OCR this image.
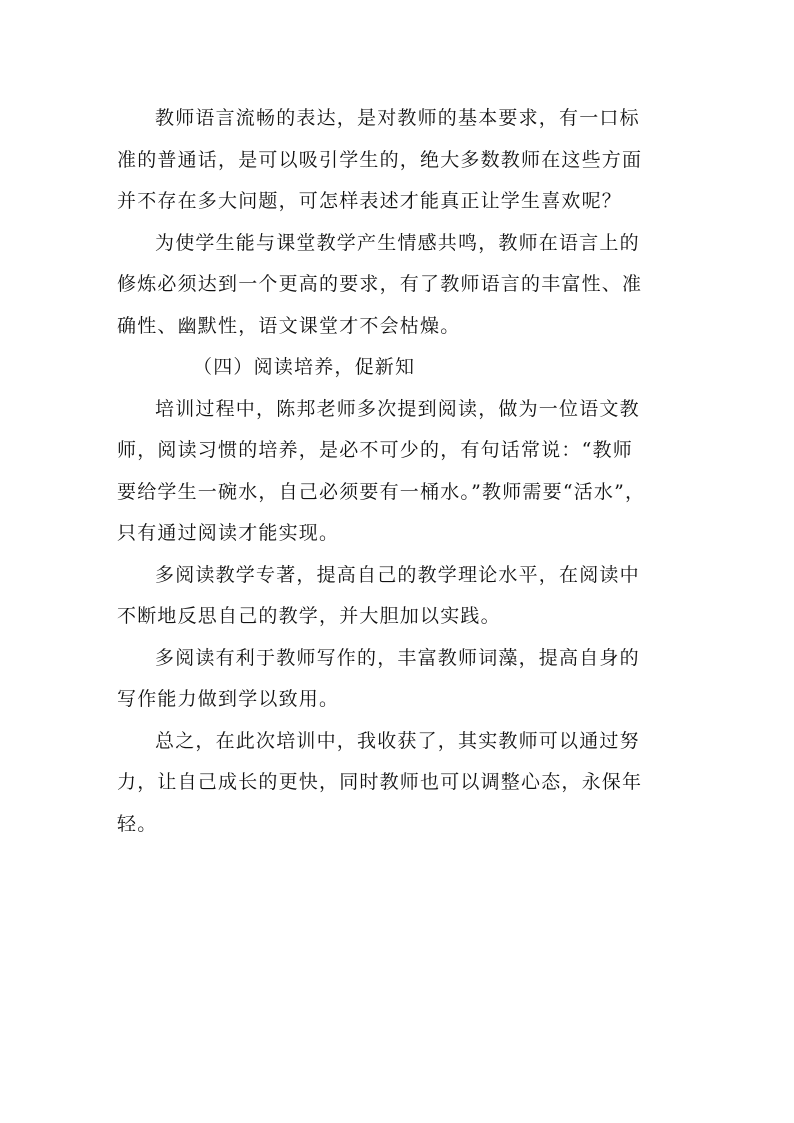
教师语言流畅的表达，是对教师的基本要求，有一口标
准的普通话，是可以吸引学生的，绝大多数教师在这些方面
并不存在多大问题，可怎样表述才能真正让学生喜欢呢？
为使学生能与课堂教学产生情感共鸣，教师在语言上的
修炼必须达到一个更高的要求，有了教师语言的丰富性、准
确性、幽默性，语文课堂才不会枯燥。
（四）阅读培养，促新知
培训过程中，陈邦老师多次提到阅读，做为一位语文教
师，阅读习惯的培养，是必不可少的，有句话常说：“教师
要给学生一碗水，自己必须要有一桶水。”教师需要“活水”，
只有通过阅读才能实现。
多阅读教学专著，提高自己的教学理论水平，在阅读中
不断地反思自己的教学，并大胆加以实践。
多阅读有利于教师写作的，丰富教师词藻，提高自身的
写作能力做到学以致用。
总之，在此次培训中，我收获了，其实教师可以通过努
力，让自己成长的更快，同时教师也可以调整心态，永保年
轻。
